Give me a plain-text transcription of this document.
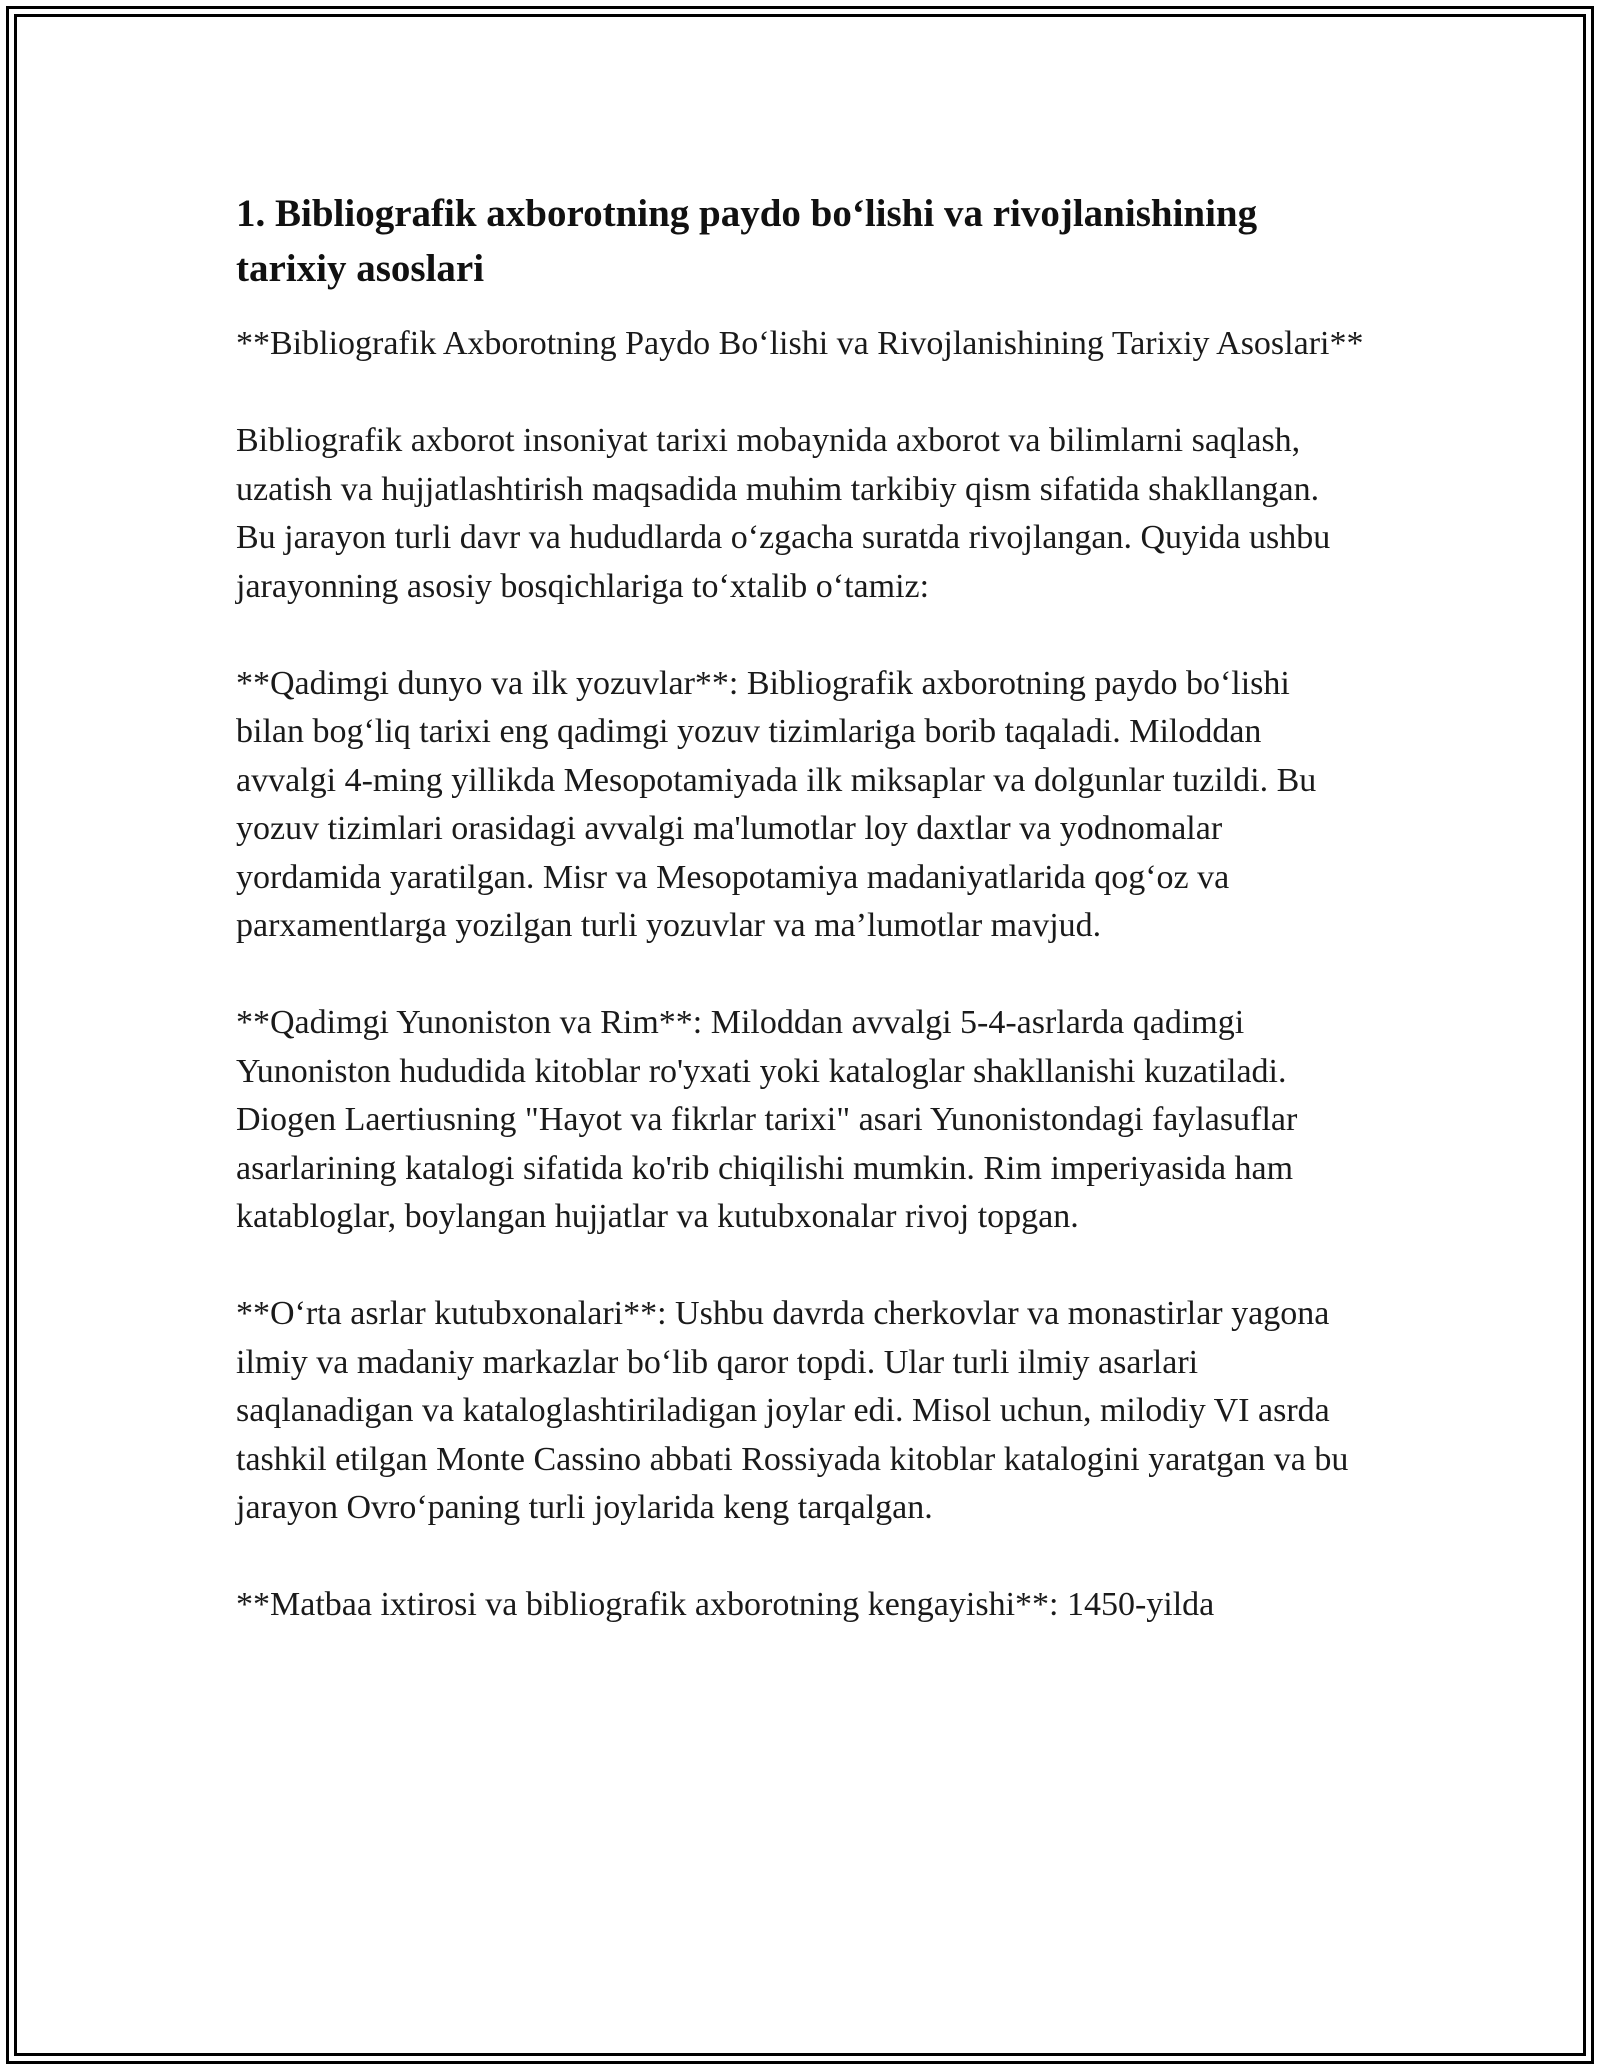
1. Bibliografik axborotning paydo bo‘lishi va rivojlanishining tarixiy asoslari

**Bibliografik Axborotning Paydo Bo‘lishi va Rivojlanishining Tarixiy Asoslari**

Bibliografik axborot insoniyat tarixi mobaynida axborot va bilimlarni saqlash, uzatish va hujjatlashtirish maqsadida muhim tarkibiy qism sifatida shakllangan. Bu jarayon turli davr va hududlarda o‘zgacha suratda rivojlangan. Quyida ushbu jarayonning asosiy bosqichlariga to‘xtalib o‘tamiz:

**Qadimgi dunyo va ilk yozuvlar**: Bibliografik axborotning paydo bo‘lishi bilan bog‘liq tarixi eng qadimgi yozuv tizimlariga borib taqaladi. Miloddan avvalgi 4-ming yillikda Mesopotamiyada ilk miksaplar va dolgunlar tuzildi. Bu yozuv tizimlari orasidagi avvalgi ma'lumotlar loy daxtlar va yodnomalar yordamida yaratilgan. Misr va Mesopotamiya madaniyatlarida qog‘oz va parxamentlarga yozilgan turli yozuvlar va ma’lumotlar mavjud.

**Qadimgi Yunoniston va Rim**: Miloddan avvalgi 5-4-asrlarda qadimgi Yunoniston hududida kitoblar ro'yxati yoki kataloglar shakllanishi kuzatiladi. Diogen Laertiusning "Hayot va fikrlar tarixi" asari Yunonistondagi faylasuflar asarlarining katalogi sifatida ko'rib chiqilishi mumkin. Rim imperiyasida ham katabloglar, boylangan hujjatlar va kutubxonalar rivoj topgan.

**O‘rta asrlar kutubxonalari**: Ushbu davrda cherkovlar va monastirlar yagona ilmiy va madaniy markazlar bo‘lib qaror topdi. Ular turli ilmiy asarlari saqlanadigan va kataloglashtiriladigan joylar edi. Misol uchun, milodiy VI asrda tashkil etilgan Monte Cassino abbati Rossiyada kitoblar katalogini yaratgan va bu jarayon Ovro‘paning turli joylarida keng tarqalgan.

**Matbaa ixtirosi va bibliografik axborotning kengayishi**: 1450-yilda
